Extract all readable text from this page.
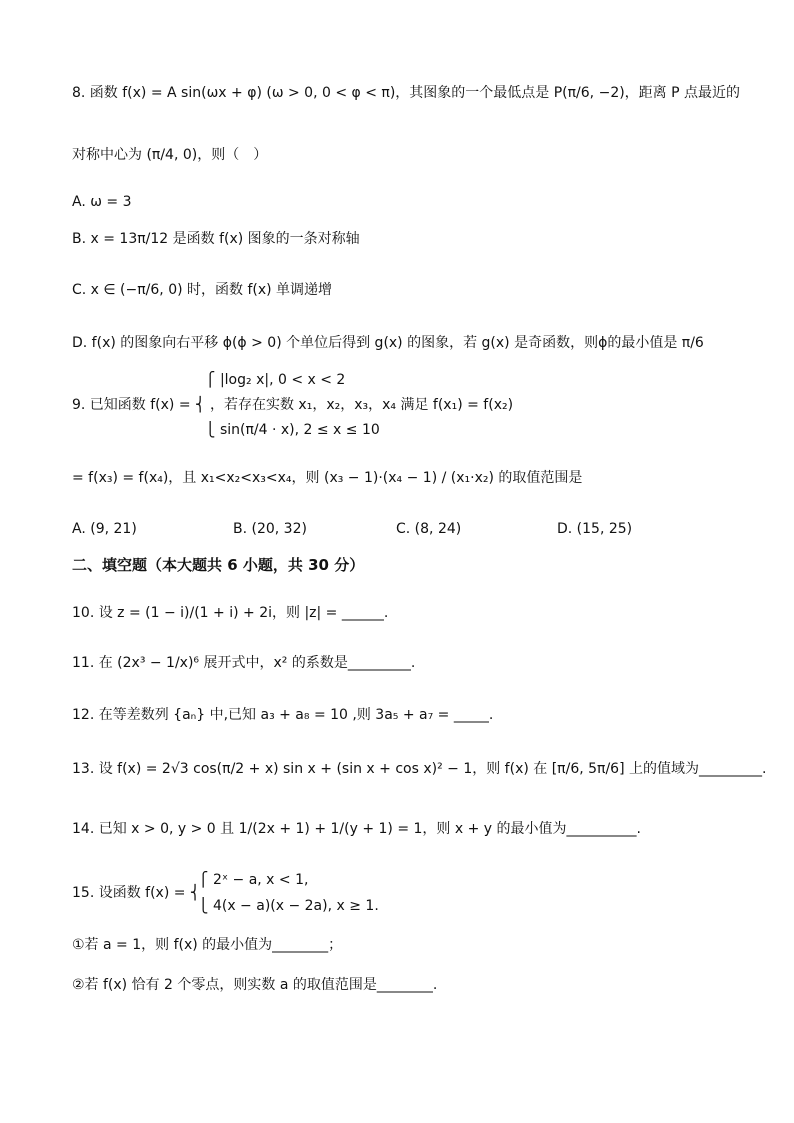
8. 函数 f(x) = A sin(ωx + φ) (ω > 0, 0 < φ < π)，其图象的一个最低点是 P(π/6, −2)，距离 P 点最近的
对称中心为 (π/4, 0)，则（　）
A. ω = 3
B. x = 13π/12 是函数 f(x) 图象的一条对称轴
C. x ∈ (−π/6, 0) 时，函数 f(x) 单调递增
D. f(x) 的图象向右平移 ϕ(ϕ > 0) 个单位后得到 g(x) 的图象，若 g(x) 是奇函数，则ϕ的最小值是 π/6
⎧ |log₂ x|, 0 < x < 2
9. 已知函数 f(x) = ⎨ ，若存在实数 x₁，x₂，x₃，x₄ 满足 f(x₁) = f(x₂)
⎩ sin(π/4 · x), 2 ≤ x ≤ 10
= f(x₃) = f(x₄)，且 x₁<x₂<x₃<x₄，则 (x₃ − 1)·(x₄ − 1) / (x₁·x₂) 的取值范围是
A. (9, 21)	B. (20, 32)	C. (8, 24)	D. (15, 25)
二、填空题（本大题共 6 小题，共 30 分）
10. 设 z = (1 − i)/(1 + i) + 2i，则 |z| = ______.
11. 在 (2x³ − 1/x)⁶ 展开式中，x² 的系数是_________.
12. 在等差数列 {aₙ} 中,已知 a₃ + a₈ = 10 ,则 3a₅ + a₇ = _____.
13. 设 f(x) = 2√3 cos(π/2 + x) sin x + (sin x + cos x)² − 1，则 f(x) 在 [π/6, 5π/6] 上的值域为_________.
14. 已知 x > 0, y > 0 且 1/(2x + 1) + 1/(y + 1) = 1，则 x + y 的最小值为__________.
⎧ 2ˣ − a, x < 1,
15. 设函数 f(x) = ⎨
⎩ 4(x − a)(x − 2a), x ≥ 1.
①若 a = 1，则 f(x) 的最小值为________；
②若 f(x) 恰有 2 个零点，则实数 a 的取值范围是________.
